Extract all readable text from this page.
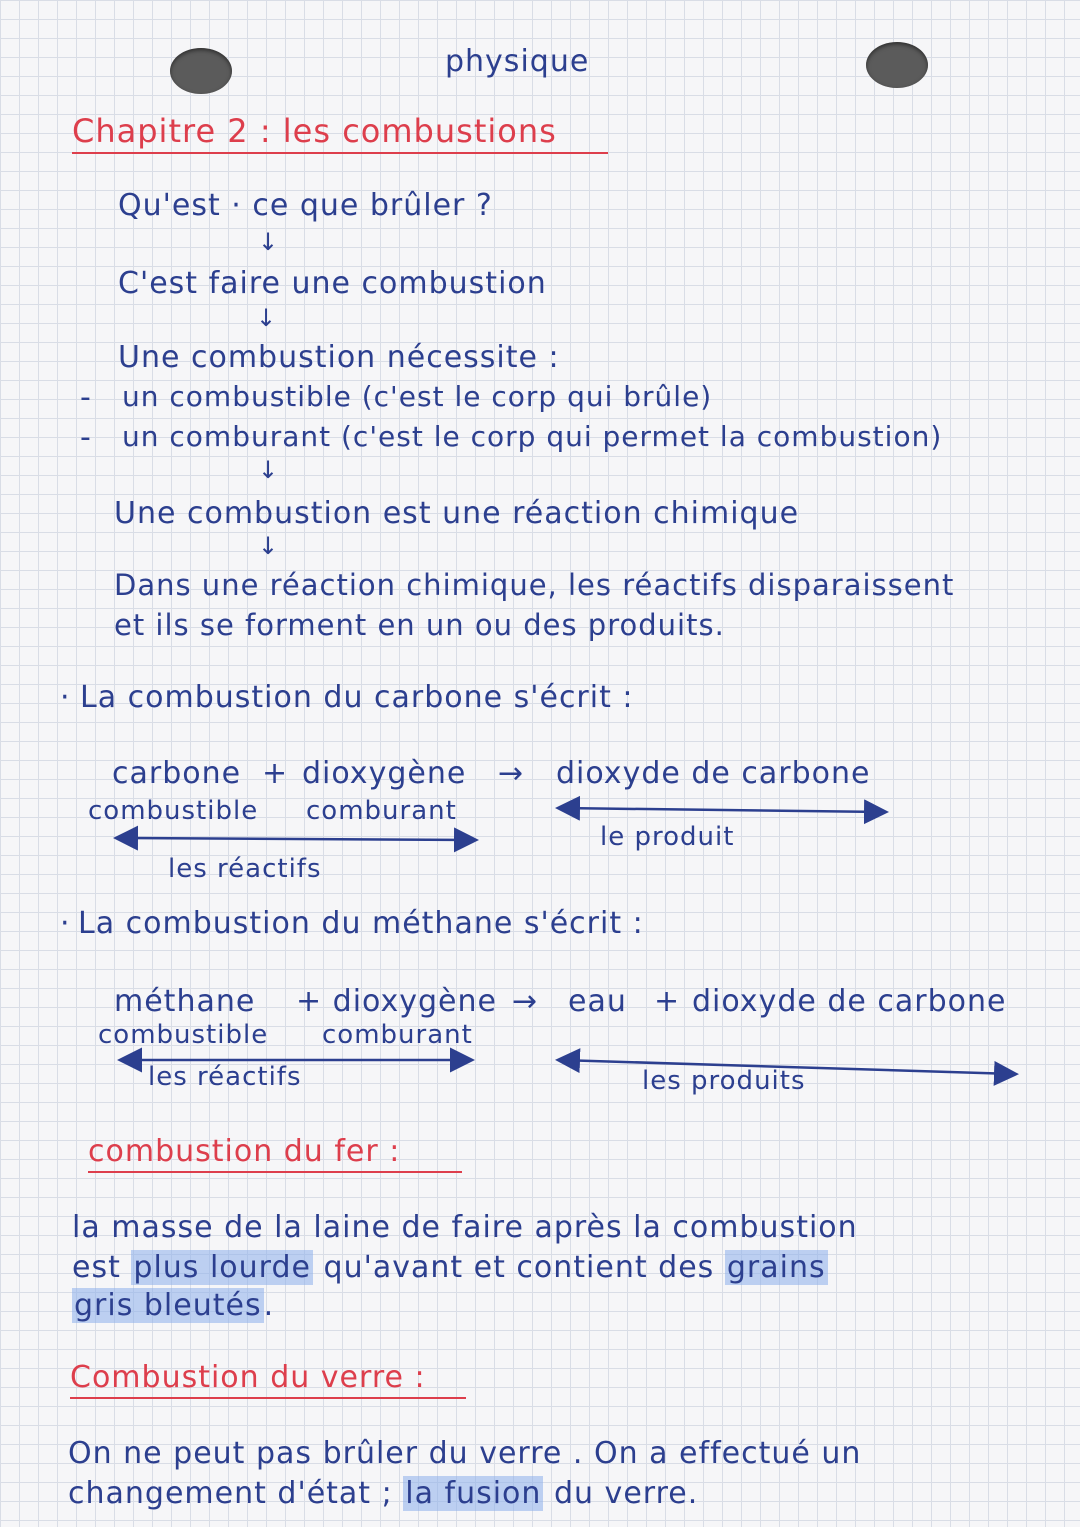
physique
Chapitre 2 : les combustions
Qu'est · ce que brûler ?
↓
C'est faire une combustion
↓
Une combustion nécessite :
- un combustible (c'est le corp qui brûle)
- un comburant (c'est le corp qui permet la combustion)
↓
Une combustion est une réaction chimique
↓
Dans une réaction chimique, les réactifs disparaissent
et ils se forment en un ou des produits.
· La combustion du carbone s'écrit :
carbone + dioxygène → dioxyde de carbone
combustible comburant
les réactifs
le produit
· La combustion du méthane s'écrit :
méthane + dioxygène → eau + dioxyde de carbone
combustible comburant
les réactifs	les produits
combustion du fer :
la masse de la laine de faire après la combustion
est plus lourde qu'avant et contient des grains
gris bleutés.
Combustion du verre :
On ne peut pas brûler du verre . On a effectué un
changement d'état ; la fusion du verre.
